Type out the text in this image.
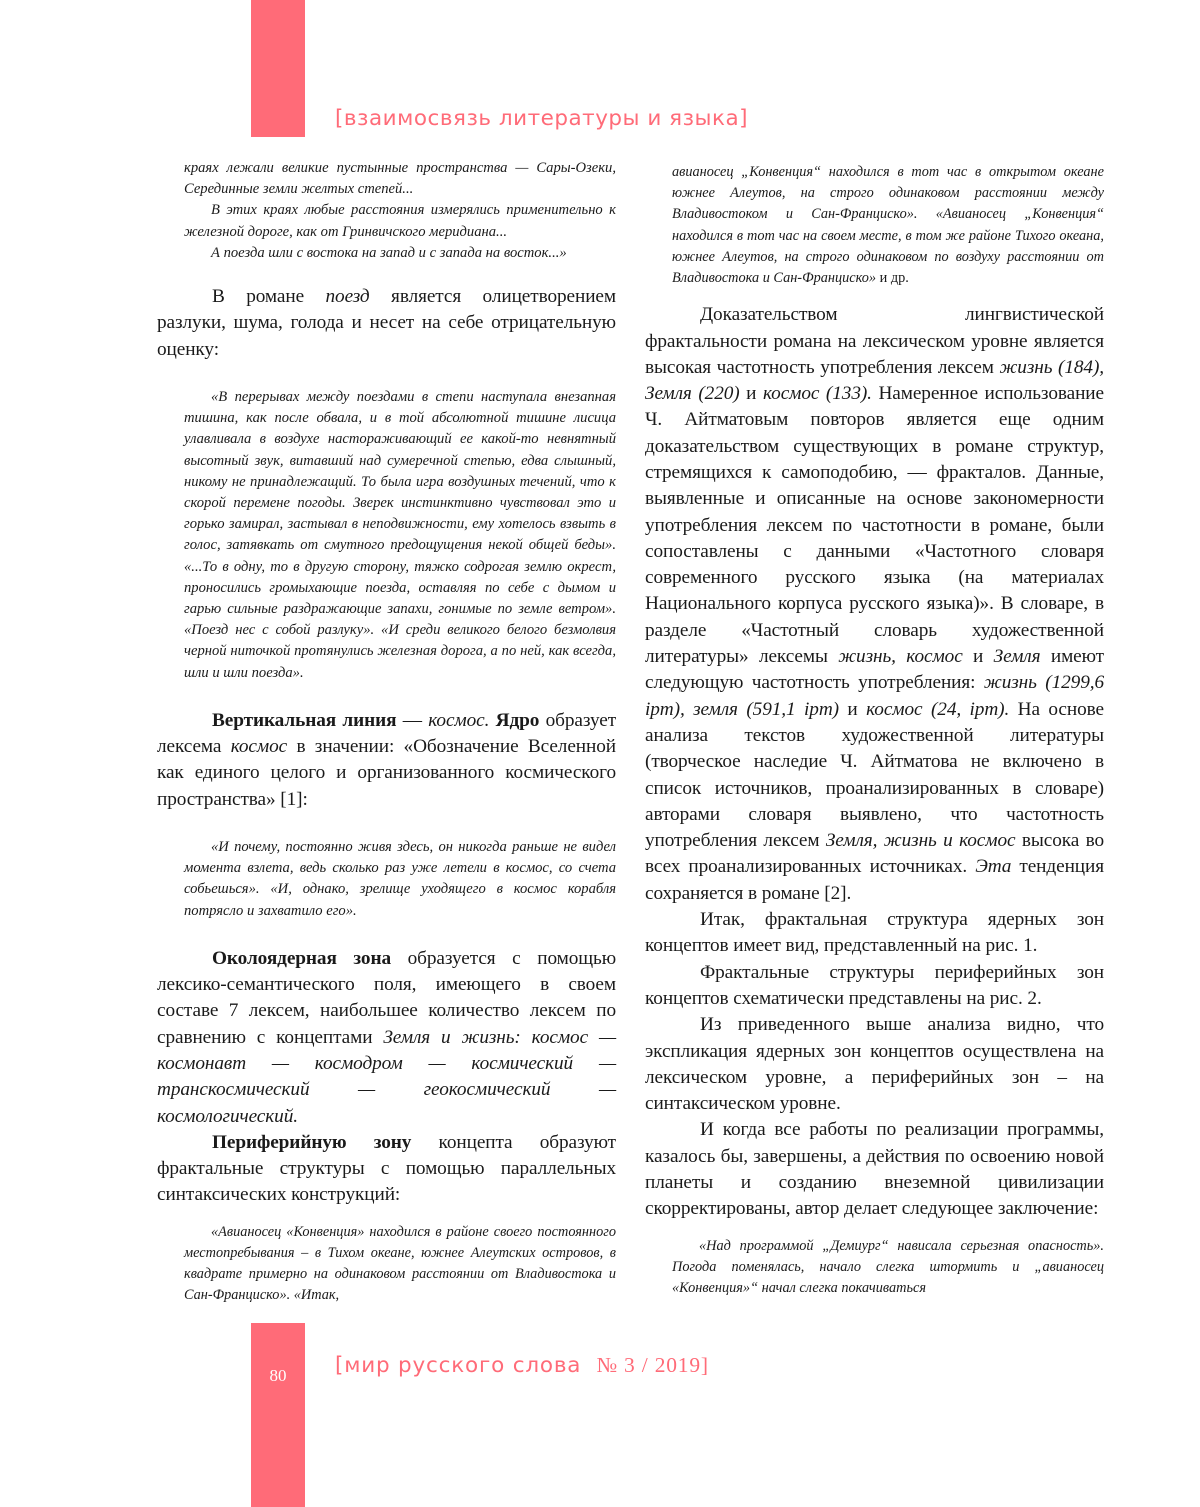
[взаимосвязь литературы и языка]

краях лежали великие пустынные пространства — Сары-Озеки, Серединные земли желтых степей...

В этих краях любые расстояния измерялись применительно к железной дороге, как от Гринвичского меридиана...

А поезда шли с востока на запад и с запада на восток...»

В романе поезд является олицетворением разлуки, шума, голода и несет на себе отрицательную оценку:

«В перерывах между поездами в степи наступала внезапная тишина, как после обвала, и в той абсолютной тишине лисица улавливала в воздухе настораживающий ее какой-то невнятный высотный звук, витавший над сумеречной степью, едва слышный, никому не принадлежащий. То была игра воздушных течений, что к скорой перемене погоды. Зверек инстинктивно чувствовал это и горько замирал, застывал в неподвижности, ему хотелось взвыть в голос, затявкать от смутного предощущения некой общей беды». «...То в одну, то в другую сторону, тяжко содрогая землю окрест, проносились громыхающие поезда, оставляя по себе с дымом и гарью сильные раздражающие запахи, гонимые по земле ветром». «Поезд нес с собой разлуку». «И среди великого белого безмолвия черной ниточкой протянулись железная дорога, а по ней, как всегда, шли и шли поезда».

Вертикальная линия — космос. Ядро образует лексема космос в значении: «Обозначение Вселенной как единого целого и организованного космического пространства» [1]:

«И почему, постоянно живя здесь, он никогда раньше не видел момента взлета, ведь сколько раз уже летели в космос, со счета собьешься». «И, однако, зрелище уходящего в космос корабля потрясло и захватило его».

Околоядерная зона образуется с помощью лексико-семантического поля, имеющего в своем составе 7 лексем, наибольшее количество лексем по сравнению с концептами Земля и жизнь: космос — космонавт — космодром — космический — транскосмический — геокосмический — космологический.

Периферийную зону концепта образуют фрактальные структуры с помощью параллельных синтаксических конструкций:

«Авианосец «Конвенция» находился в районе своего постоянного местопребывания – в Тихом океане, южнее Алеутских островов, в квадрате примерно на одинаковом расстоянии от Владивостока и Сан-Франциско». «Итак,

авианосец „Конвенция“ находился в тот час в открытом океане южнее Алеутов, на строго одинаковом расстоянии между Владивостоком и Сан-Франциско». «Авианосец „Конвенция“ находился в тот час на своем месте, в том же районе Тихого океана, южнее Алеутов, на строго одинаковом по воздуху расстоянии от Владивостока и Сан-Франциско» и др.

Доказательством лингвистической фрактальности романа на лексическом уровне является высокая частотность употребления лексем жизнь (184), Земля (220) и космос (133). Намеренное использование Ч. Айтматовым повторов является еще одним доказательством существующих в романе структур, стремящихся к самоподобию, — фракталов. Данные, выявленные и описанные на основе закономерности употребления лексем по частотности в романе, были сопоставлены с данными «Частотного словаря современного русского языка (на материалах Национального корпуса русского языка)». В словаре, в разделе «Частотный словарь художественной литературы» лексемы жизнь, космос и Земля имеют следующую частотность употребления: жизнь (1299,6 ipm), земля (591,1 ipm) и космос (24, ipm). На основе анализа текстов художественной литературы (творческое наследие Ч. Айтматова не включено в список источников, проанализированных в словаре) авторами словаря выявлено, что частотность употребления лексем Земля, жизнь и космос высока во всех проанализированных источниках. Эта тенденция сохраняется в романе [2].

Итак, фрактальная структура ядерных зон концептов имеет вид, представленный на рис. 1.

Фрактальные структуры периферийных зон концептов схематически представлены на рис. 2.

Из приведенного выше анализа видно, что экспликация ядерных зон концептов осуществлена на лексическом уровне, а периферийных зон – на синтаксическом уровне.

И когда все работы по реализации программы, казалось бы, завершены, а действия по освоению новой планеты и созданию внеземной цивилизации скорректированы, автор делает следующее заключение:

«Над программой „Демиург“ нависала серьезная опасность». Погода поменялась, начало слегка штормить и „авианосец «Конвенция»“ начал слегка покачиваться

80	[мир русского слова № 3 / 2019]
